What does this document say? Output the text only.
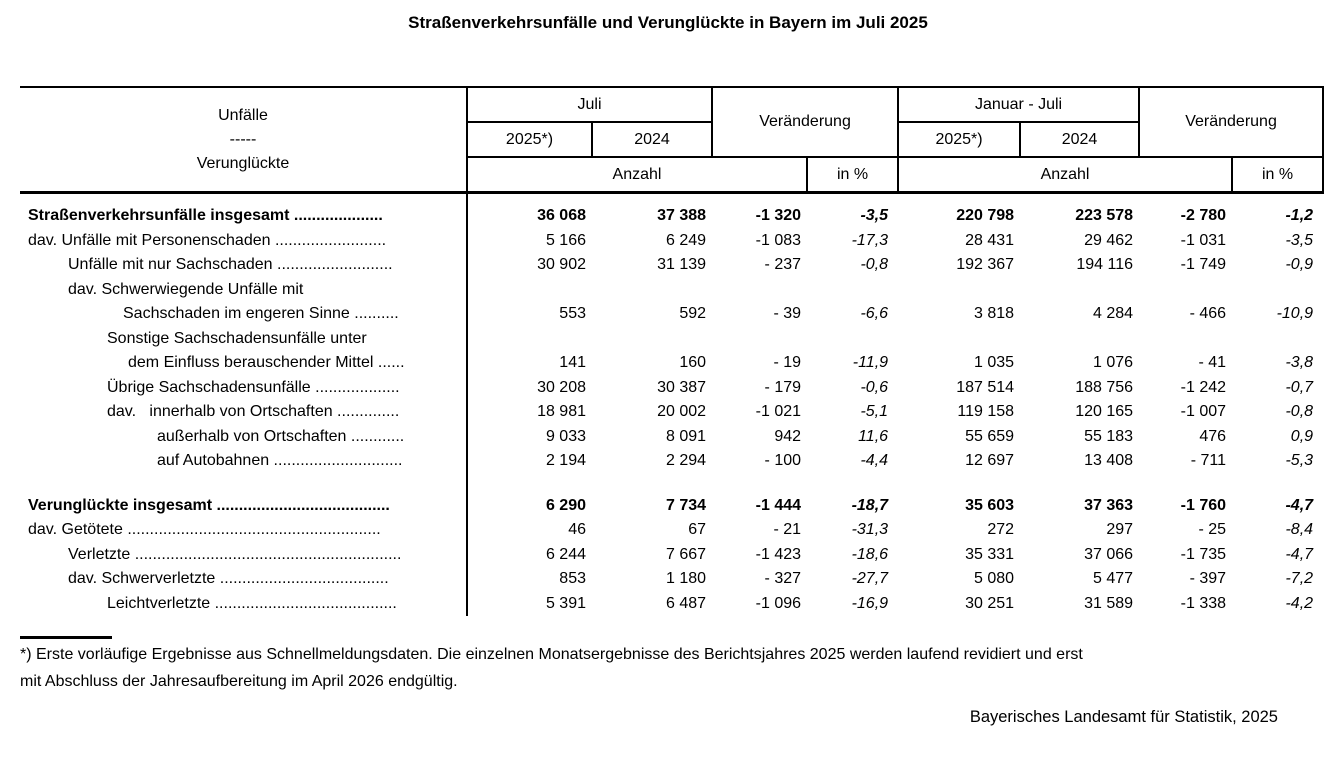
Straßenverkehrsunfälle und Verunglückte in Bayern im Juli 2025
Unfälle
-----
Verunglückte	Juli		Veränderung		Januar - Juli		Veränderung	
	2025*)	2024			2025*)	2024		
	Anzahl			in %	Anzahl			in %

Straßenverkehrsunfälle insgesamt ....................	36 068	37 388	-1 320	-3,5	220 798	223 578	-2 780	-1,2
dav. Unfälle mit Personenschaden .........................	5 166	6 249	-1 083	-17,3	28 431	29 462	-1 031	-3,5
Unfälle mit nur Sachschaden ..........................	30 902	31 139	- 237	-0,8	192 367	194 116	-1 749	-0,9
dav. Schwerwiegende Unfälle mit								
Sachschaden im engeren Sinne ..........	553	592	- 39	-6,6	3 818	4 284	- 466	-10,9
Sonstige Sachschadensunfälle unter								
dem Einfluss berauschender Mittel ......	141	160	- 19	-11,9	1 035	1 076	- 41	-3,8
Übrige Sachschadensunfälle ...................	30 208	30 387	- 179	-0,6	187 514	188 756	-1 242	-0,7
dav.   innerhalb von Ortschaften ..............	18 981	20 002	-1 021	-5,1	119 158	120 165	-1 007	-0,8
außerhalb von Ortschaften ............	9 033	8 091	942	11,6	55 659	55 183	476	0,9
auf Autobahnen .............................	2 194	2 294	- 100	-4,4	12 697	13 408	- 711	-5,3

Verunglückte insgesamt .......................................	6 290	7 734	-1 444	-18,7	35 603	37 363	-1 760	-4,7
dav. Getötete .........................................................	46	67	- 21	-31,3	272	297	- 25	-8,4
Verletzte ............................................................	6 244	7 667	-1 423	-18,6	35 331	37 066	-1 735	-4,7
dav. Schwerverletzte ......................................	853	1 180	- 327	-27,7	5 080	5 477	- 397	-7,2
Leichtverletzte .........................................	5 391	6 487	-1 096	-16,9	30 251	31 589	-1 338	-4,2

*) Erste vorläufige Ergebnisse aus Schnellmeldungsdaten. Die einzelnen Monatsergebnisse des Berichtsjahres 2025 werden laufend revidiert und erst

mit Abschluss der Jahresaufbereitung im April 2026 endgültig.

Bayerisches Landesamt für Statistik, 2025
